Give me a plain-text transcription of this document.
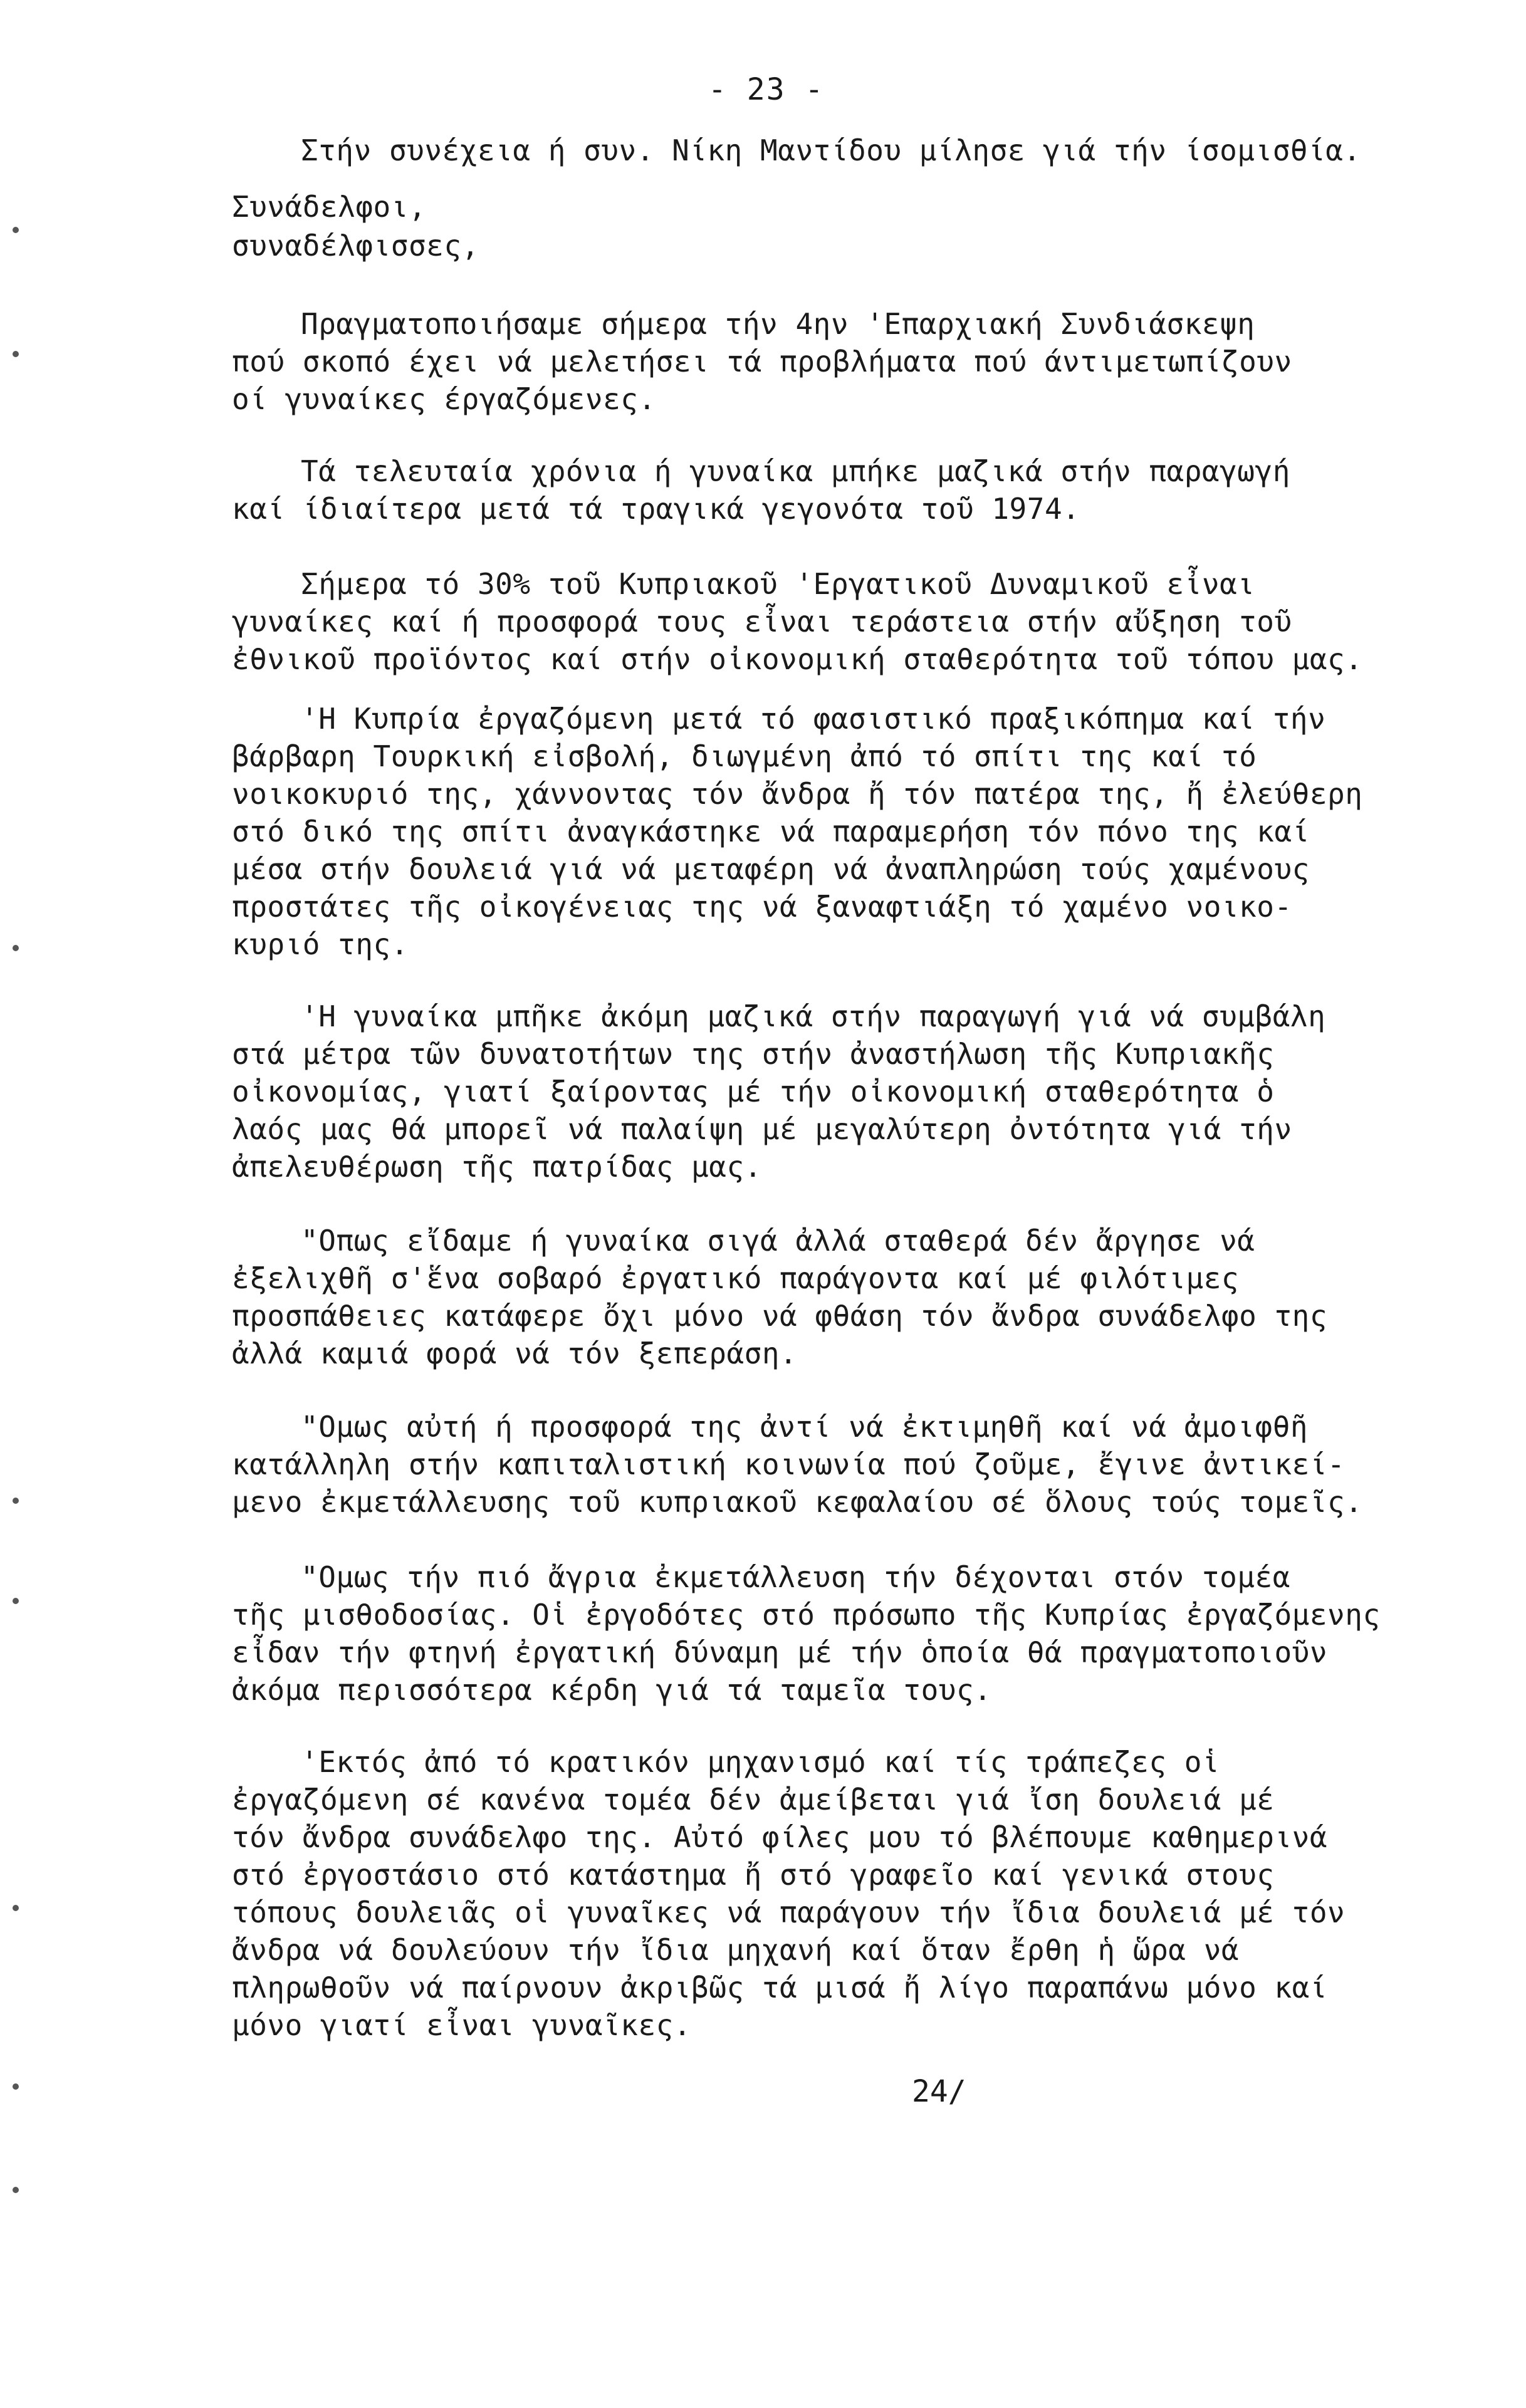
- 23 -
Στήν συνέχεια ή συν. Νίκη Μαντίδου μίλησε γιά τήν ίσομισθία.
Συνάδελφοι,
συναδέλφισσες,
Πραγματοποιήσαμε σήμερα τήν 4ην 'Επαρχιακή Συνδιάσκεψη
πού σκοπό έχει νά μελετήσει τά προβλήματα πού άντιμετωπίζουν
οί γυναίκες έργαζόμενες.
Τά τελευταία χρόνια ή γυναίκα μπήκε μαζικά στήν παραγωγή
καί ίδιαίτερα μετά τά τραγικά γεγονότα τοῦ 1974.
Σήμερα τό 30% τοῦ Κυπριακοῦ 'Εργατικοῦ Δυναμικοῦ εἶναι
γυναίκες καί ή προσφορά τους εἶναι τεράστεια στήν αὔξηση τοῦ
ἐθνικοῦ προϊόντος καί στήν οἰκονομική σταθερότητα τοῦ τόπου μας.
'Η Κυπρία ἐργαζόμενη μετά τό φασιστικό πραξικόπημα καί τήν
βάρβαρη Τουρκική εἰσβολή, διωγμένη ἀπό τό σπίτι της καί τό
νοικοκυριό της, χάννοντας τόν ἄνδρα ἤ τόν πατέρα της, ἤ ἐλεύθερη
στό δικό της σπίτι ἀναγκάστηκε νά παραμερήση τόν πόνο της καί
μέσα στήν δουλειά γιά νά μεταφέρη νά ἀναπληρώση τούς χαμένους
προστάτες τῆς οἰκογένειας της νά ξαναφτιάξη τό χαμένο νοικο-
κυριό της.
'Η γυναίκα μπῆκε ἀκόμη μαζικά στήν παραγωγή γιά νά συμβάλη
στά μέτρα τῶν δυνατοτήτων της στήν ἀναστήλωση τῆς Κυπριακῆς
οἰκονομίας, γιατί ξαίροντας μέ τήν οἰκονομική σταθερότητα ὁ
λαός μας θά μπορεῖ νά παλαίψη μέ μεγαλύτερη ὀντότητα γιά τήν
ἀπελευθέρωση τῆς πατρίδας μας.
"Οπως εἴδαμε ή γυναίκα σιγά ἀλλά σταθερά δέν ἄργησε νά
ἐξελιχθῆ σ'ἕνα σοβαρό ἐργατικό παράγοντα καί μέ φιλότιμες
προσπάθειες κατάφερε ὄχι μόνο νά φθάση τόν ἄνδρα συνάδελφο της
ἀλλά καμιά φορά νά τόν ξεπεράση.
"Ομως αὐτή ή προσφορά της ἀντί νά ἐκτιμηθῆ καί νά ἀμοιφθῆ
κατάλληλη στήν καπιταλιστική κοινωνία πού ζοῦμε, ἔγινε ἀντικεί-
μενο ἐκμετάλλευσης τοῦ κυπριακοῦ κεφαλαίου σέ ὅλους τούς τομεῖς.
"Ομως τήν πιό ἄγρια ἐκμετάλλευση τήν δέχονται στόν τομέα
τῆς μισθοδοσίας. Οἱ ἐργοδότες στό πρόσωπο τῆς Κυπρίας ἐργαζόμενης
εἶδαν τήν φτηνή ἐργατική δύναμη μέ τήν ὁποία θά πραγματοποιοῦν
ἀκόμα περισσότερα κέρδη γιά τά ταμεῖα τους.
'Εκτός ἀπό τό κρατικόν μηχανισμό καί τίς τράπεζες οἱ
ἐργαζόμενη σέ κανένα τομέα δέν ἀμείβεται γιά ἴση δουλειά μέ
τόν ἄνδρα συνάδελφο της. Αὐτό φίλες μου τό βλέπουμε καθημερινά
στό ἐργοστάσιο στό κατάστημα ἤ στό γραφεῖο καί γενικά στους
τόπους δουλειᾶς οἱ γυναῖκες νά παράγουν τήν ἴδια δουλειά μέ τόν
ἄνδρα νά δουλεύουν τήν ἴδια μηχανή καί ὅταν ἔρθη ἡ ὥρα νά
πληρωθοῦν νά παίρνουν ἀκριβῶς τά μισά ἤ λίγο παραπάνω μόνο καί
μόνο γιατί εἶναι γυναῖκες.
24/
